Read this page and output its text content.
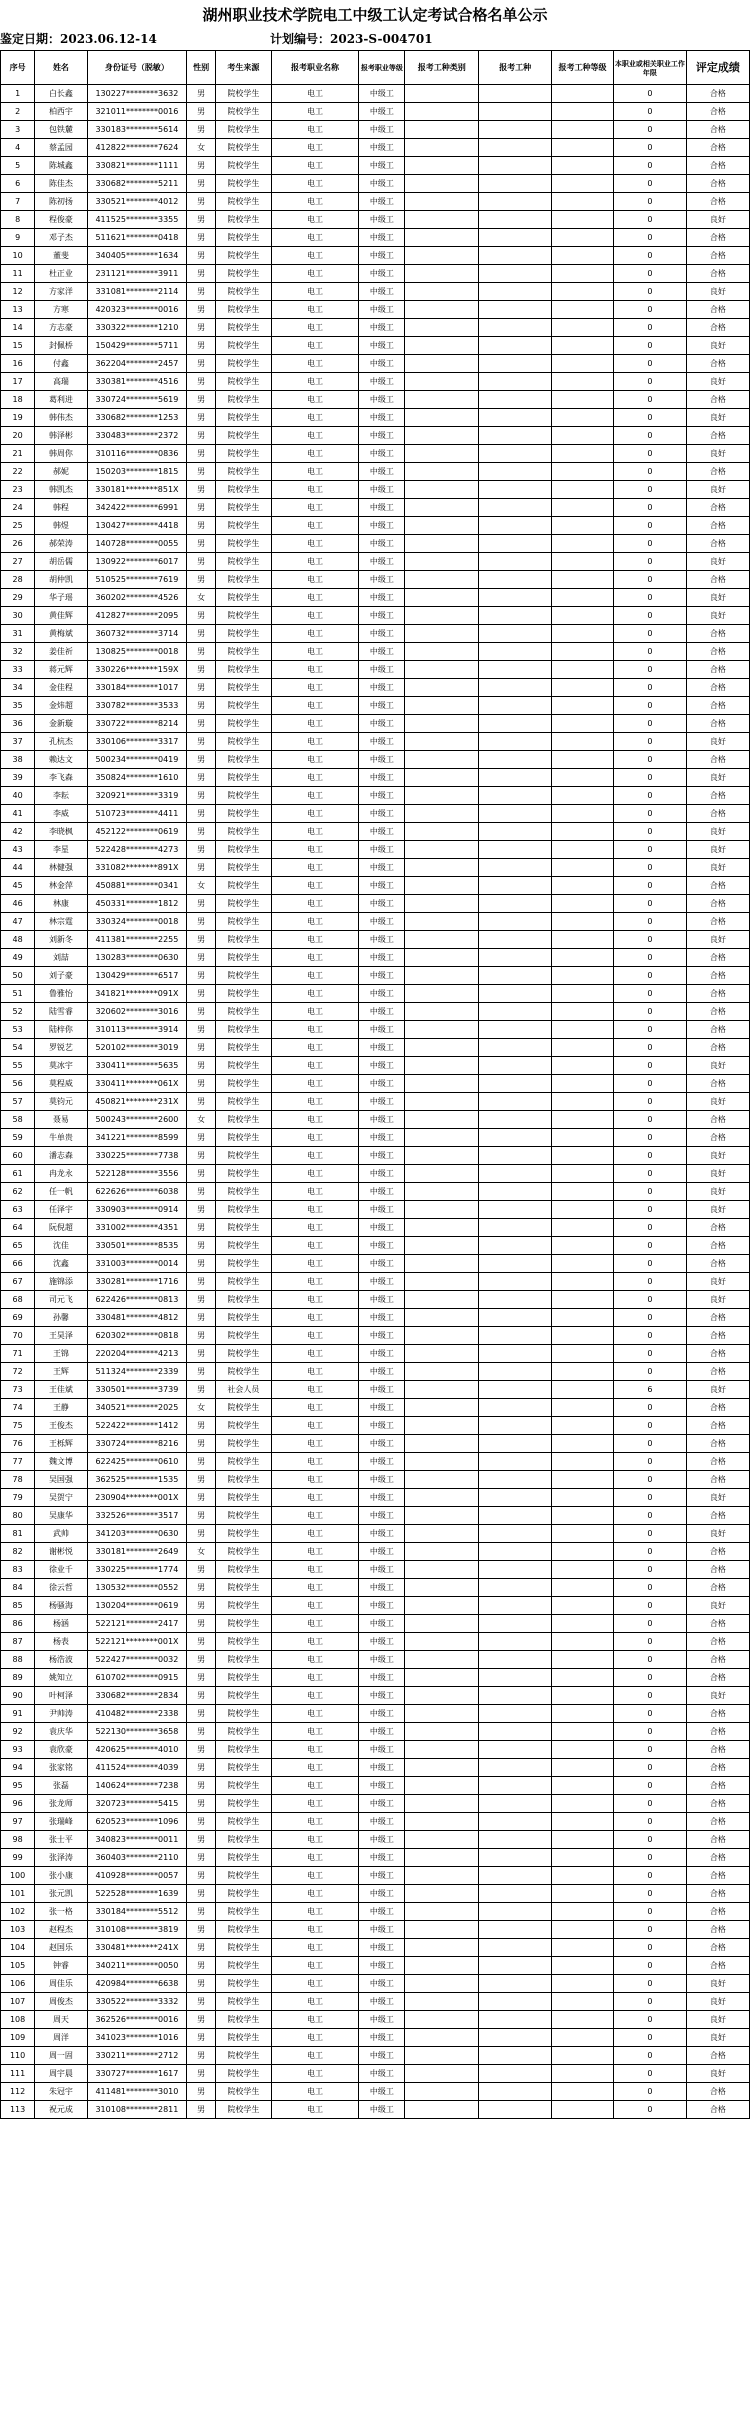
湖州职业技术学院电工中级工认定考试合格名单公示
鉴定日期：2023.06.12-14	计划编号：2023-S-004701
序号	姓名	身份证号（脱敏）	性别	考生来源	报考职业名称	报考职业等级	报考工种类别	报考工种	报考工种等级	本职业或相关职业工作年限	评定成绩
1	白长鑫	130227********3632	男	院校学生	电工	中级工				0	合格
2	柏西宇	321011********0016	男	院校学生	电工	中级工				0	合格
3	包铁麓	330183********5614	男	院校学生	电工	中级工				0	合格
4	蔡孟园	412822********7624	女	院校学生	电工	中级工				0	合格
5	陈城鑫	330821********1111	男	院校学生	电工	中级工				0	合格
6	陈佳杰	330682********5211	男	院校学生	电工	中级工				0	合格
7	陈初扬	330521********4012	男	院校学生	电工	中级工				0	合格
8	程俊豪	411525********3355	男	院校学生	电工	中级工				0	良好
9	邓子杰	511621********0418	男	院校学生	电工	中级工				0	合格
10	董斐	340405********1634	男	院校学生	电工	中级工				0	合格
11	杜正业	231121********3911	男	院校学生	电工	中级工				0	合格
12	方家洋	331081********2114	男	院校学生	电工	中级工				0	良好
13	方寒	420323********0016	男	院校学生	电工	中级工				0	合格
14	方志豪	330322********1210	男	院校学生	电工	中级工				0	合格
15	封佩桥	150429********5711	男	院校学生	电工	中级工				0	良好
16	付鑫	362204********2457	男	院校学生	电工	中级工				0	合格
17	高瑞	330381********4516	男	院校学生	电工	中级工				0	良好
18	葛利进	330724********5619	男	院校学生	电工	中级工				0	合格
19	韩伟杰	330682********1253	男	院校学生	电工	中级工				0	良好
20	韩泽彬	330483********2372	男	院校学生	电工	中级工				0	合格
21	韩周你	310116********0836	男	院校学生	电工	中级工				0	良好
22	郝妮	150203********1815	男	院校学生	电工	中级工				0	合格
23	韩凯杰	330181********851X	男	院校学生	电工	中级工				0	良好
24	韩程	342422********6991	男	院校学生	电工	中级工				0	合格
25	韩煜	130427********4418	男	院校学生	电工	中级工				0	合格
26	郝荣涛	140728********0055	男	院校学生	电工	中级工				0	合格
27	胡岳儒	130922********6017	男	院校学生	电工	中级工				0	良好
28	胡仲凯	510525********7619	男	院校学生	电工	中级工				0	合格
29	华子瑶	360202********4526	女	院校学生	电工	中级工				0	良好
30	黄佳辉	412827********2095	男	院校学生	电工	中级工				0	良好
31	黄梅斌	360732********3714	男	院校学生	电工	中级工				0	合格
32	姜佳祈	130825********0018	男	院校学生	电工	中级工				0	合格
33	蒋元辉	330226********159X	男	院校学生	电工	中级工				0	合格
34	金佳程	330184********1017	男	院校学生	电工	中级工				0	合格
35	金炜超	330782********3533	男	院校学生	电工	中级工				0	合格
36	金新璇	330722********8214	男	院校学生	电工	中级工				0	合格
37	孔杭杰	330106********3317	男	院校学生	电工	中级工				0	良好
38	赖达文	500234********0419	男	院校学生	电工	中级工				0	合格
39	李飞森	350824********1610	男	院校学生	电工	中级工				0	良好
40	李耘	320921********3319	男	院校学生	电工	中级工				0	合格
41	李威	510723********4411	男	院校学生	电工	中级工				0	合格
42	李晓枫	452122********0619	男	院校学生	电工	中级工				0	良好
43	李星	522428********4273	男	院校学生	电工	中级工				0	良好
44	林健强	331082********891X	男	院校学生	电工	中级工				0	良好
45	林金萍	450881********0341	女	院校学生	电工	中级工				0	合格
46	林康	450331********1812	男	院校学生	电工	中级工				0	合格
47	林宗霆	330324********0018	男	院校学生	电工	中级工				0	合格
48	刘新冬	411381********2255	男	院校学生	电工	中级工				0	良好
49	刘喆	130283********0630	男	院校学生	电工	中级工				0	合格
50	刘子豪	130429********6517	男	院校学生	电工	中级工				0	合格
51	鲁雅怡	341821********091X	男	院校学生	电工	中级工				0	合格
52	陆雪睿	320602********3016	男	院校学生	电工	中级工				0	合格
53	陆梓你	310113********3914	男	院校学生	电工	中级工				0	合格
54	罗锐艺	520102********3019	男	院校学生	电工	中级工				0	合格
55	莫冰宇	330411********5635	男	院校学生	电工	中级工				0	良好
56	莫程威	330411********061X	男	院校学生	电工	中级工				0	合格
57	莫钧元	450821********231X	男	院校学生	电工	中级工				0	良好
58	聂易	500243********2600	女	院校学生	电工	中级工				0	合格
59	牛单贵	341221********8599	男	院校学生	电工	中级工				0	合格
60	潘志森	330225********7738	男	院校学生	电工	中级工				0	良好
61	冉龙永	522128********3556	男	院校学生	电工	中级工				0	良好
62	任一帆	622626********6038	男	院校学生	电工	中级工				0	良好
63	任泽宇	330903********0914	男	院校学生	电工	中级工				0	良好
64	阮倪超	331002********4351	男	院校学生	电工	中级工				0	合格
65	沈佳	330501********8535	男	院校学生	电工	中级工				0	合格
66	沈鑫	331003********0014	男	院校学生	电工	中级工				0	合格
67	施锦添	330281********1716	男	院校学生	电工	中级工				0	良好
68	司元飞	622426********0813	男	院校学生	电工	中级工				0	良好
69	孙馨	330481********4812	男	院校学生	电工	中级工				0	合格
70	王昊泽	620302********0818	男	院校学生	电工	中级工				0	合格
71	王锦	220204********4213	男	院校学生	电工	中级工				0	合格
72	王辉	511324********2339	男	院校学生	电工	中级工				0	合格
73	王佳斌	330501********3739	男	社会人员	电工	中级工				6	良好
74	王静	340521********2025	女	院校学生	电工	中级工				0	合格
75	王俊杰	522422********1412	男	院校学生	电工	中级工				0	合格
76	王栎辉	330724********8216	男	院校学生	电工	中级工				0	合格
77	魏文博	622425********0610	男	院校学生	电工	中级工				0	合格
78	吴国强	362525********1535	男	院校学生	电工	中级工				0	合格
79	吴贺宁	230904********001X	男	院校学生	电工	中级工				0	良好
80	吴康华	332526********3517	男	院校学生	电工	中级工				0	合格
81	武帅	341203********0630	男	院校学生	电工	中级工				0	良好
82	谢彬悦	330181********2649	女	院校学生	电工	中级工				0	合格
83	徐业千	330225********1774	男	院校学生	电工	中级工				0	合格
84	徐云哲	130532********0552	男	院校学生	电工	中级工				0	合格
85	杨骚海	130204********0619	男	院校学生	电工	中级工				0	良好
86	杨涵	522121********2417	男	院校学生	电工	中级工				0	合格
87	杨表	522121********001X	男	院校学生	电工	中级工				0	合格
88	杨浩波	522427********0032	男	院校学生	电工	中级工				0	合格
89	姚知立	610702********0915	男	院校学生	电工	中级工				0	合格
90	叶柯泽	330682********2834	男	院校学生	电工	中级工				0	良好
91	尹帅涛	410482********2338	男	院校学生	电工	中级工				0	合格
92	袁庆华	522130********3658	男	院校学生	电工	中级工				0	合格
93	袁欣豪	420625********4010	男	院校学生	电工	中级工				0	合格
94	张家铭	411524********4039	男	院校学生	电工	中级工				0	合格
95	张磊	140624********7238	男	院校学生	电工	中级工				0	合格
96	张龙师	320723********5415	男	院校学生	电工	中级工				0	合格
97	张瑞峰	620523********1096	男	院校学生	电工	中级工				0	合格
98	张士平	340823********0011	男	院校学生	电工	中级工				0	合格
99	张泽涛	360403********2110	男	院校学生	电工	中级工				0	合格
100	张小康	410928********0057	男	院校学生	电工	中级工				0	合格
101	张元凯	522528********1639	男	院校学生	电工	中级工				0	合格
102	张一格	330184********5512	男	院校学生	电工	中级工				0	合格
103	赵程杰	310108********3819	男	院校学生	电工	中级工				0	合格
104	赵国乐	330481********241X	男	院校学生	电工	中级工				0	合格
105	钟睿	340211********0050	男	院校学生	电工	中级工				0	合格
106	周佳乐	420984********6638	男	院校学生	电工	中级工				0	良好
107	周俊杰	330522********3332	男	院校学生	电工	中级工				0	良好
108	周天	362526********0016	男	院校学生	电工	中级工				0	良好
109	周洋	341023********1016	男	院校学生	电工	中级工				0	良好
110	周一固	330211********2712	男	院校学生	电工	中级工				0	合格
111	周宇晨	330727********1617	男	院校学生	电工	中级工				0	良好
112	朱冠宇	411481********3010	男	院校学生	电工	中级工				0	合格
113	祝元成	310108********2811	男	院校学生	电工	中级工				0	合格
